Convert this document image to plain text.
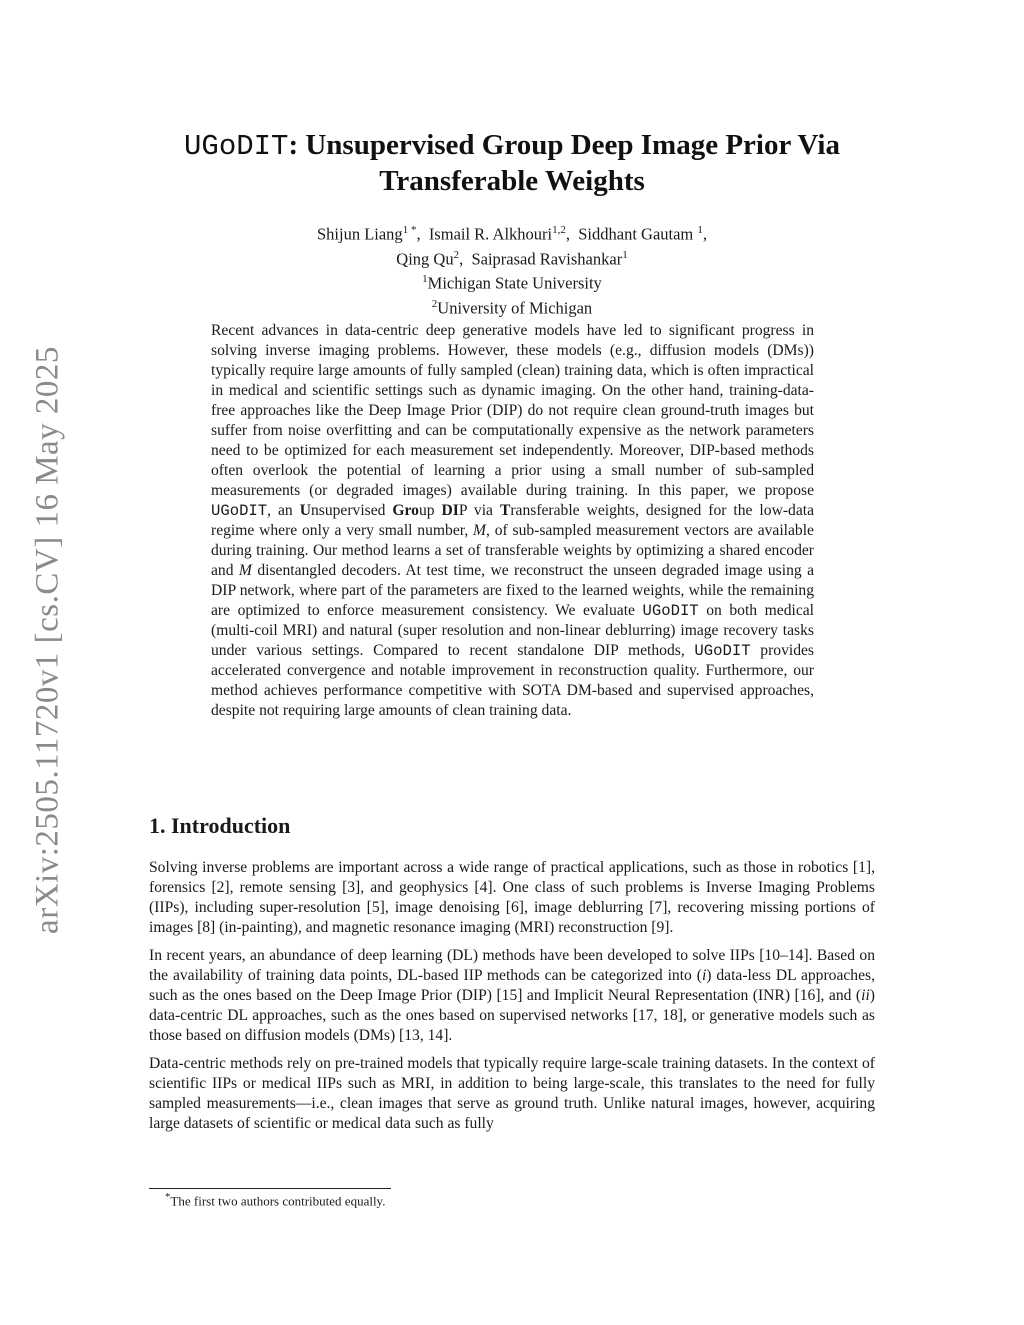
arXiv:2505.11720v1 [cs.CV] 16 May 2025
UGoDIT: Unsupervised Group Deep Image Prior Via Transferable Weights
Shijun Liang$^{1 *}$,  Ismail R. Alkhouri$^{1,2}$,  Siddhant Gautam $^1$,
Qing Qu$^2$,  Saiprasad Ravishankar$^1$
$^1$Michigan State University
$^2$University of Michigan
Recent advances in data-centric deep generative models have led to significant progress in solving inverse imaging problems. However, these models (e.g., diffusion models (DMs)) typically require large amounts of fully sampled (clean) training data, which is often impractical in medical and scientific settings such as dynamic imaging. On the other hand, training-data-free approaches like the Deep Image Prior (DIP) do not require clean ground-truth images but suffer from noise overfitting and can be computationally expensive as the network parameters need to be optimized for each measurement set independently. Moreover, DIP-based methods often overlook the potential of learning a prior using a small number of sub-sampled measurements (or degraded images) available during training. In this paper, we propose UGoDIT, an Unsupervised Group DIP via Transferable weights, designed for the low-data regime where only a very small number, M, of sub-sampled measurement vectors are available during training. Our method learns a set of transferable weights by optimizing a shared encoder and M disentangled decoders. At test time, we reconstruct the unseen degraded image using a DIP network, where part of the parameters are fixed to the learned weights, while the remaining are optimized to enforce measurement consistency. We evaluate UGoDIT on both medical (multi-coil MRI) and natural (super resolution and non-linear deblurring) image recovery tasks under various settings. Compared to recent standalone DIP methods, UGoDIT provides accelerated convergence and notable improvement in reconstruction quality. Furthermore, our method achieves performance competitive with SOTA DM-based and supervised approaches, despite not requiring large amounts of clean training data.
1. Introduction

Solving inverse problems are important across a wide range of practical applications, such as those in robotics [1], forensics [2], remote sensing [3], and geophysics [4]. One class of such problems is Inverse Imaging Problems (IIPs), including super-resolution [5], image denoising [6], image deblurring [7], recovering missing portions of images [8] (in-painting), and magnetic resonance imaging (MRI) reconstruction [9].

In recent years, an abundance of deep learning (DL) methods have been developed to solve IIPs [10–14]. Based on the availability of training data points, DL-based IIP methods can be categorized into (i) data-less DL approaches, such as the ones based on the Deep Image Prior (DIP) [15] and Implicit Neural Representation (INR) [16], and (ii) data-centric DL approaches, such as the ones based on supervised networks [17, 18], or generative models such as those based on diffusion models (DMs) [13, 14].

Data-centric methods rely on pre-trained models that typically require large-scale training datasets. In the context of scientific IIPs or medical IIPs such as MRI, in addition to being large-scale, this translates to the need for fully sampled measurements—i.e., clean images that serve as ground truth. Unlike natural images, however, acquiring large datasets of scientific or medical data such as fully

*The first two authors contributed equally.
